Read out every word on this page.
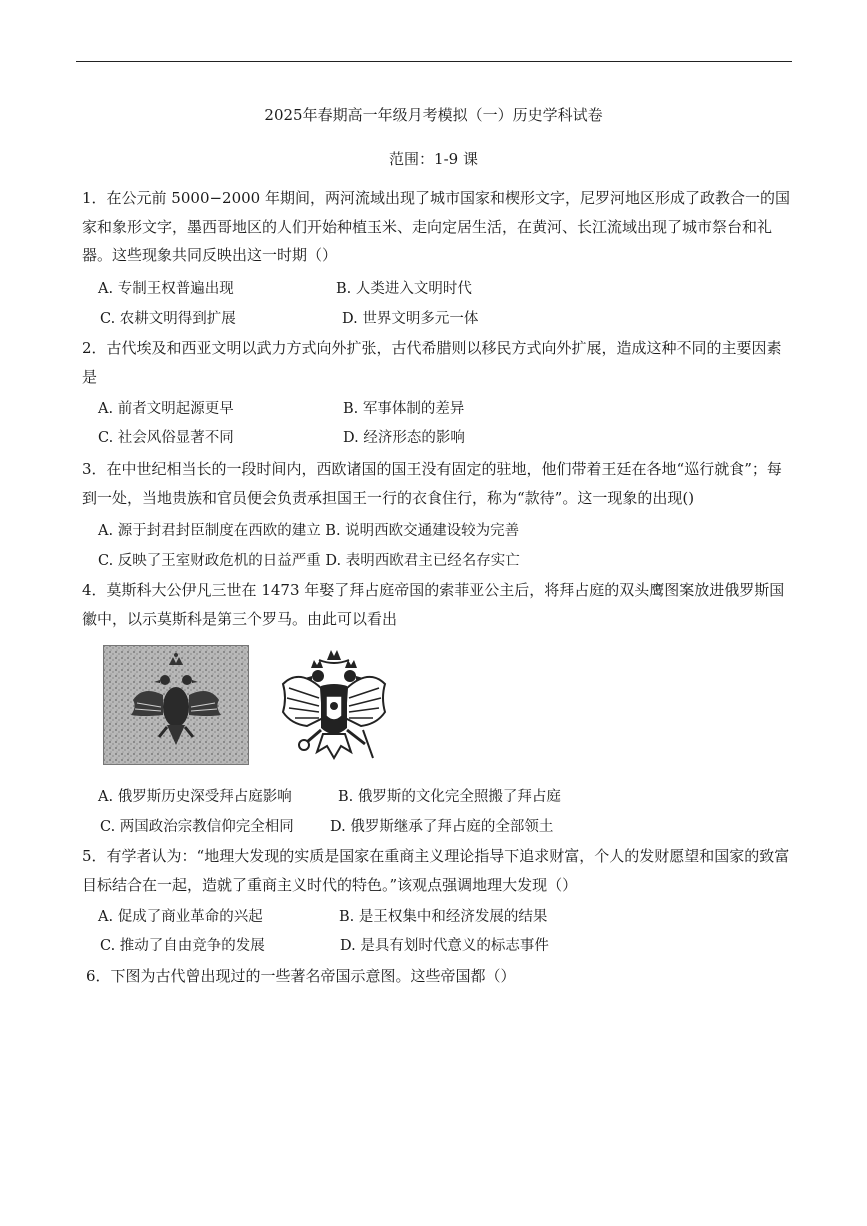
2025年春期高一年级月考模拟（一）历史学科试卷
范围：1-9 课
1．在公元前 5000−2000 年期间，两河流域出现了城市国家和楔形文字，尼罗河地区形成了政教合一的国家和象形文字，墨西哥地区的人们开始种植玉米、走向定居生活，在黄河、长江流域出现了城市祭台和礼器。这些现象共同反映出这一时期（）
A. 专制王权普遍出现	B. 人类进入文明时代
C. 农耕文明得到扩展	D. 世界文明多元一体
2．古代埃及和西亚文明以武力方式向外扩张，古代希腊则以移民方式向外扩展，造成这种不同的主要因素是
A. 前者文明起源更早	B. 军事体制的差异
C. 社会风俗显著不同	D. 经济形态的影响
3．在中世纪相当长的一段时间内，西欧诸国的国王没有固定的驻地，他们带着王廷在各地“巡行就食”；每到一处，当地贵族和官员便会负责承担国王一行的衣食住行，称为“款待”。这一现象的出现()
A. 源于封君封臣制度在西欧的建立 B. 说明西欧交通建设较为完善
C. 反映了王室财政危机的日益严重 D. 表明西欧君主已经名存实亡
4．莫斯科大公伊凡三世在 1473 年娶了拜占庭帝国的索菲亚公主后，将拜占庭的双头鹰图案放进俄罗斯国徽中，以示莫斯科是第三个罗马。由此可以看出
A. 俄罗斯历史深受拜占庭影响	B. 俄罗斯的文化完全照搬了拜占庭
C. 两国政治宗教信仰完全相同 D. 俄罗斯继承了拜占庭的全部领土
5．有学者认为：“地理大发现的实质是国家在重商主义理论指导下追求财富，个人的发财愿望和国家的致富目标结合在一起，造就了重商主义时代的特色。”该观点强调地理大发现（）
A. 促成了商业革命的兴起	B. 是王权集中和经济发展的结果
C. 推动了自由竞争的发展	D. 是具有划时代意义的标志事件
6．下图为古代曾出现过的一些著名帝国示意图。这些帝国都（）
